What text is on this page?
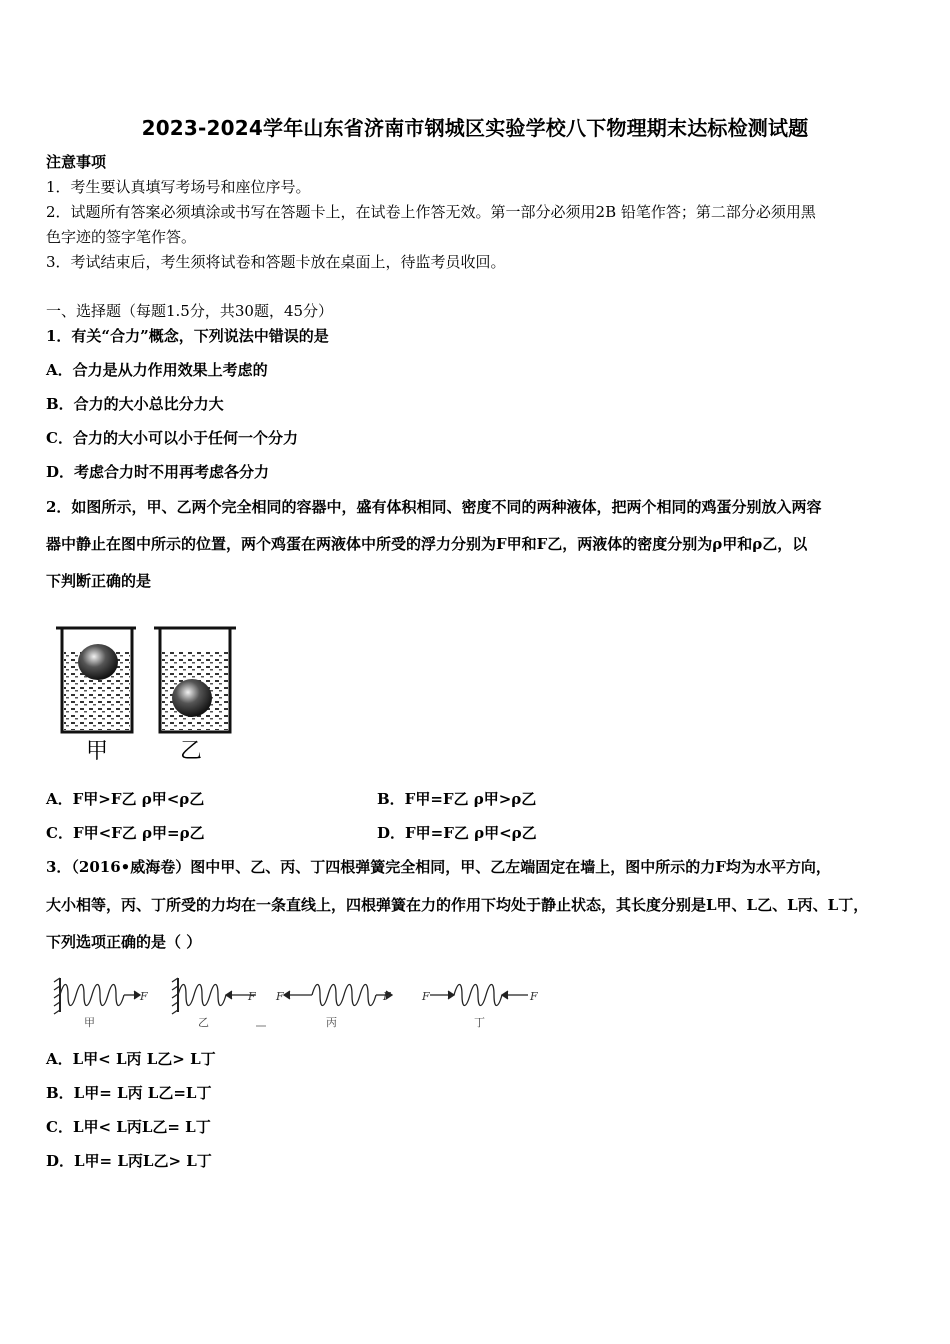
2023-2024学年山东省济南市钢城区实验学校八下物理期末达标检测试题
注意事项
1．考生要认真填写考场号和座位序号。
2．试题所有答案必须填涂或书写在答题卡上，在试卷上作答无效。第一部分必须用2B 铅笔作答；第二部分必须用黑
色字迹的签字笔作答。
3．考试结束后，考生须将试卷和答题卡放在桌面上，待监考员收回。
一、选择题（每题1.5分，共30题，45分）
1．有关“合力”概念，下列说法中错误的是
A．合力是从力作用效果上考虑的
B．合力的大小总比分力大
C．合力的大小可以小于任何一个分力
D．考虑合力时不用再考虑各分力
2．如图所示，甲、乙两个完全相同的容器中，盛有体积相同、密度不同的两种液体，把两个相同的鸡蛋分别放入两容
器中静止在图中所示的位置，两个鸡蛋在两液体中所受的浮力分别为F甲和F乙，两液体的密度分别为ρ甲和ρ乙，以
下判断正确的是
甲	乙
A．F甲>F乙 ρ甲<ρ乙	B．F甲=F乙 ρ甲>ρ乙
C．F甲<F乙 ρ甲=ρ乙	D．F甲=F乙 ρ甲<ρ乙
3．（2016•威海卷）图中甲、乙、丙、丁四根弹簧完全相同，甲、乙左端固定在墙上，图中所示的力F均为水平方向，
大小相等，丙、丁所受的力均在一条直线上，四根弹簧在力的作用下均处于静止状态，其长度分别是L甲、L乙、L丙、L丁，
下列选项正确的是（ ）
F	F F	F	F	F
甲	乙	丙	丁
A．L甲< L丙 L乙> L丁
B．L甲= L丙 L乙=L丁
C．L甲< L丙L乙= L丁
D．L甲= L丙L乙> L丁
